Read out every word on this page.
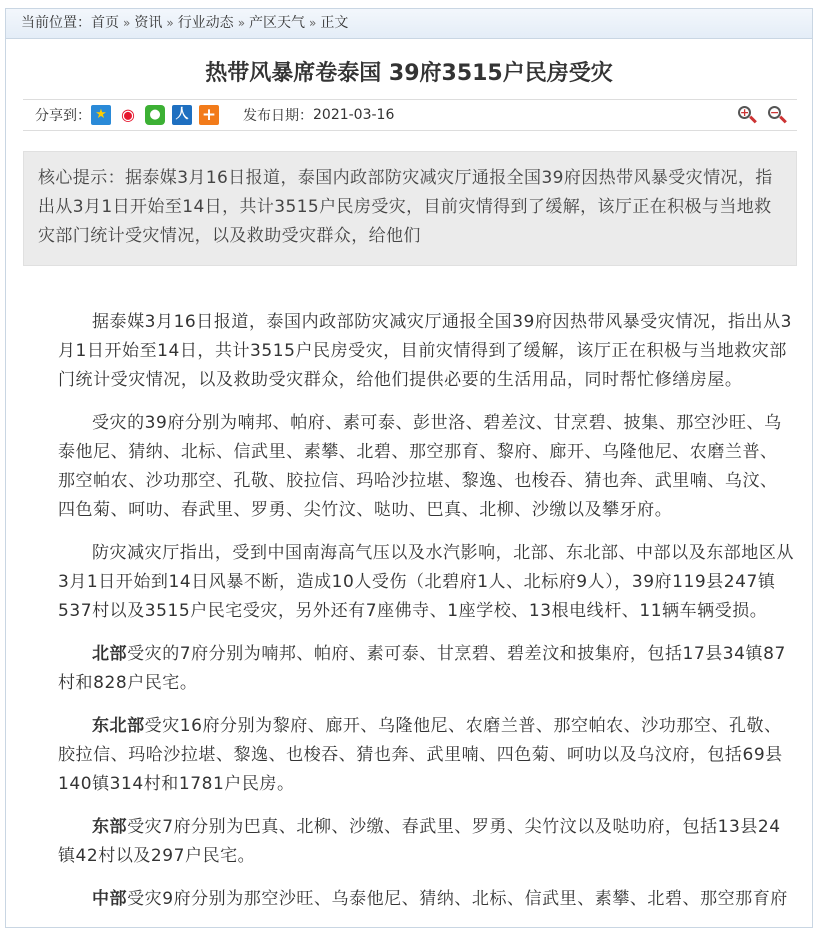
当前位置：首页 » 资讯 » 行业动态 » 产区天气 » 正文
热带风暴席卷泰国 39府3515户民房受灾
分享到： ★ ◉	●	人 + 发布日期： 2021-03-16	+ −
核心提示：据泰媒3月16日报道，泰国内政部防灾减灾厅通报全国39府因热带风暴受灾情况，指出从3月1日开始至14日，共计3515户民房受灾，目前灾情得到了缓解，该厅正在积极与当地救灾部门统计受灾情况，以及救助受灾群众，给他们

据泰媒3月16日报道，泰国内政部防灾减灾厅通报全国39府因热带风暴受灾情况，指出从3月1日开始至14日，共计3515户民房受灾，目前灾情得到了缓解，该厅正在积极与当地救灾部门统计受灾情况，以及救助受灾群众，给他们提供必要的生活用品，同时帮忙修缮房屋。

受灾的39府分别为喃邦、帕府、素可泰、彭世洛、碧差汶、甘烹碧、披集、那空沙旺、乌泰他尼、猜纳、北标、信武里、素攀、北碧、那空那育、黎府、廊开、乌隆他尼、农磨兰普、那空帕农、沙功那空、孔敬、胶拉信、玛哈沙拉堪、黎逸、也梭吞、猜也奔、武里喃、乌汶、四色菊、呵叻、春武里、罗勇、尖竹汶、哒叻、巴真、北柳、沙缴以及攀牙府。

防灾减灾厅指出，受到中国南海高气压以及水汽影响，北部、东北部、中部以及东部地区从3月1日开始到14日风暴不断，造成10人受伤（北碧府1人、北标府9人），39府119县247镇537村以及3515户民宅受灾，另外还有7座佛寺、1座学校、13根电线杆、11辆车辆受损。

北部受灾的7府分别为喃邦、帕府、素可泰、甘烹碧、碧差汶和披集府，包括17县34镇87村和828户民宅。

东北部受灾16府分别为黎府、廊开、乌隆他尼、农磨兰普、那空帕农、沙功那空、孔敬、胶拉信、玛哈沙拉堪、黎逸、也梭吞、猜也奔、武里喃、四色菊、呵叻以及乌汶府，包括69县140镇314村和1781户民房。

东部受灾7府分别为巴真、北柳、沙缴、春武里、罗勇、尖竹汶以及哒叻府，包括13县24镇42村以及297户民宅。

中部受灾9府分别为那空沙旺、乌泰他尼、猜纳、北标、信武里、素攀、北碧、那空那育府
